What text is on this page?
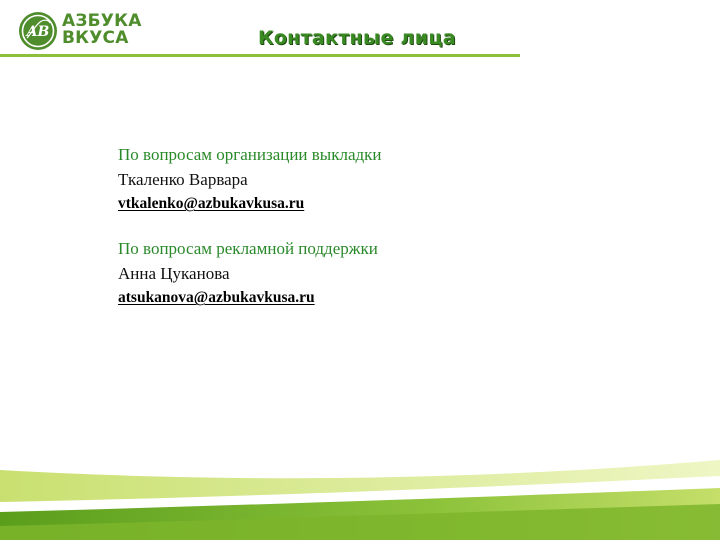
AB
АЗБУКА
ВКУСА	Контактные лица
По вопросам организации выкладки
Ткаленко Варвара
vtkalenko@azbukavkusa.ru
По вопросам рекламной поддержки
Анна Цуканова
atsukanova@azbukavkusa.ru
